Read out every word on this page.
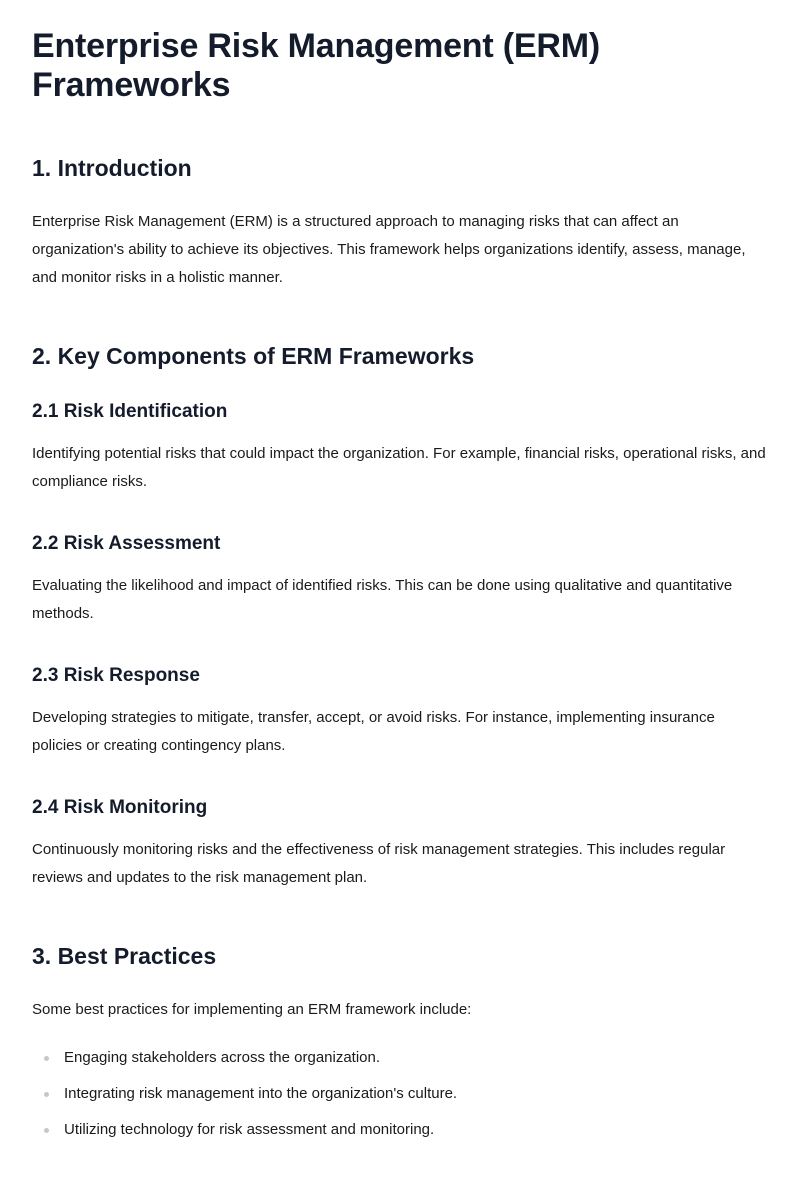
Enterprise Risk Management (ERM) Frameworks
1. Introduction

Enterprise Risk Management (ERM) is a structured approach to managing risks that can affect an organization's ability to achieve its objectives. This framework helps organizations identify, assess, manage, and monitor risks in a holistic manner.

2. Key Components of ERM Frameworks
2.1 Risk Identification

Identifying potential risks that could impact the organization. For example, financial risks, operational risks, and compliance risks.

2.2 Risk Assessment

Evaluating the likelihood and impact of identified risks. This can be done using qualitative and quantitative methods.

2.3 Risk Response

Developing strategies to mitigate, transfer, accept, or avoid risks. For instance, implementing insurance policies or creating contingency plans.

2.4 Risk Monitoring

Continuously monitoring risks and the effectiveness of risk management strategies. This includes regular reviews and updates to the risk management plan.

3. Best Practices

Some best practices for implementing an ERM framework include:

Engaging stakeholders across the organization.
Integrating risk management into the organization's culture.
Utilizing technology for risk assessment and monitoring.
